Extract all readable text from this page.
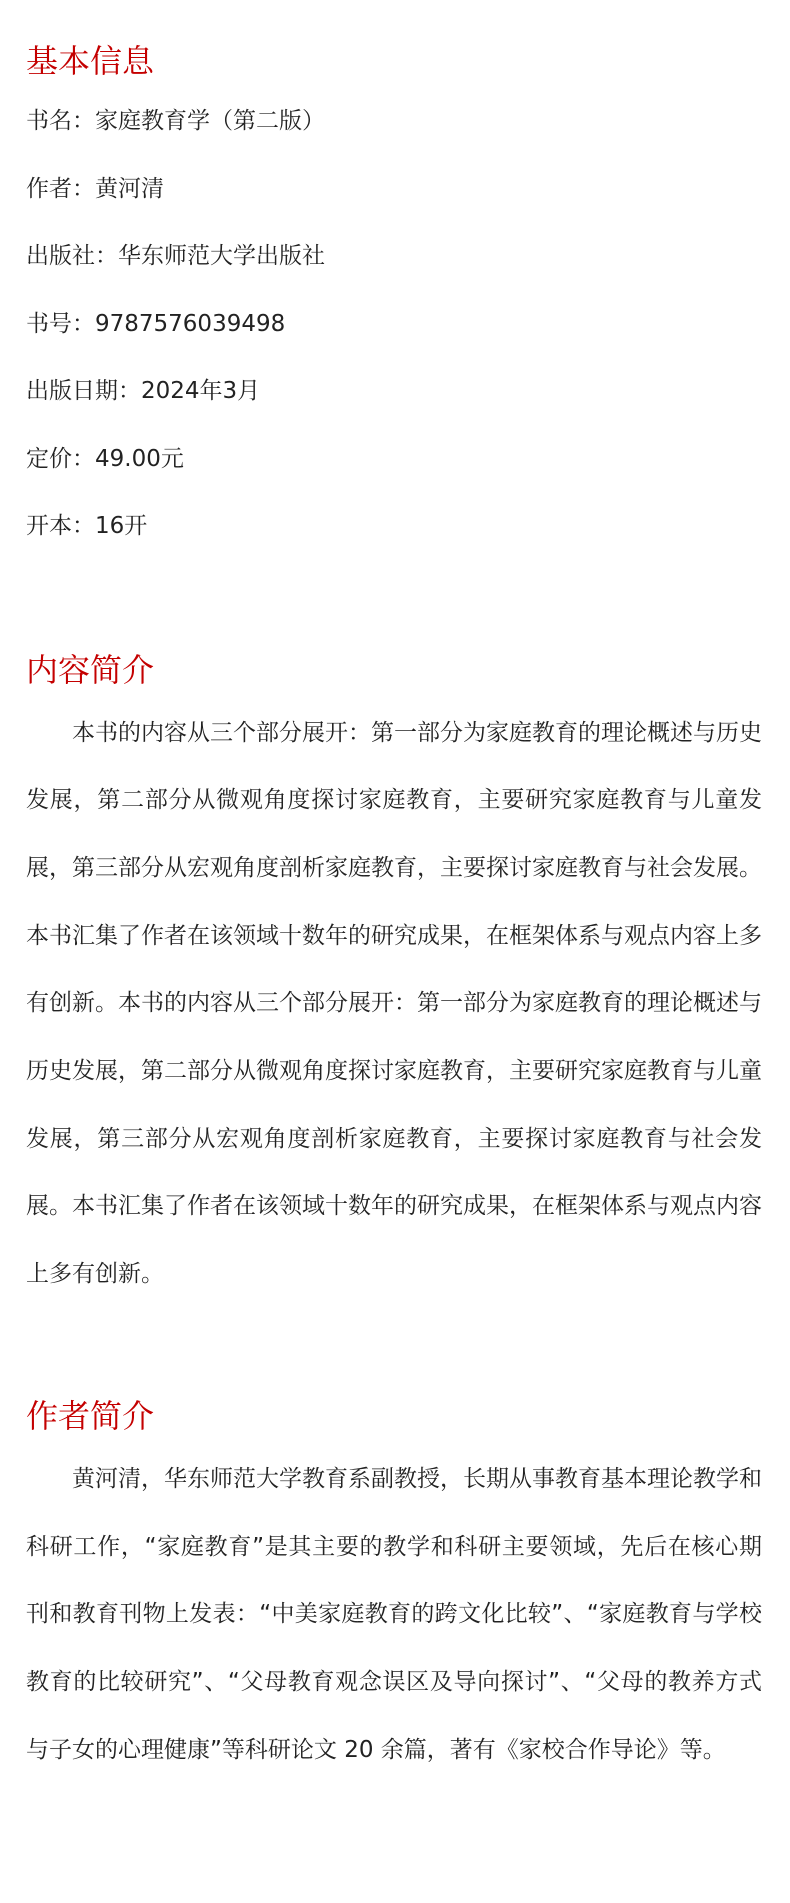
基本信息
书名：家庭教育学（第二版）
作者：黄河清
出版社：华东师范大学出版社
书号：9787576039498
出版日期：2024年3月
定价：49.00元
开本：16开
内容简介

本书的内容从三个部分展开：第一部分为家庭教育的理论概述与历史发展，第二部分从微观角度探讨家庭教育，主要研究家庭教育与儿童发展，第三部分从宏观角度剖析家庭教育，主要探讨家庭教育与社会发展。本书汇集了作者在该领域十数年的研究成果，在框架体系与观点内容上多有创新。本书的内容从三个部分展开：第一部分为家庭教育的理论概述与历史发展，第二部分从微观角度探讨家庭教育，主要研究家庭教育与儿童发展，第三部分从宏观角度剖析家庭教育，主要探讨家庭教育与社会发展。本书汇集了作者在该领域十数年的研究成果，在框架体系与观点内容上多有创新。

作者简介

黄河清，华东师范大学教育系副教授，长期从事教育基本理论教学和科研工作，“家庭教育”是其主要的教学和科研主要领域，先后在核心期刊和教育刊物上发表：“中美家庭教育的跨文化比较”、“家庭教育与学校教育的比较研究”、“父母教育观念误区及导向探讨”、“父母的教养方式与子女的心理健康”等科研论文 20 余篇，著有《家校合作导论》等。
